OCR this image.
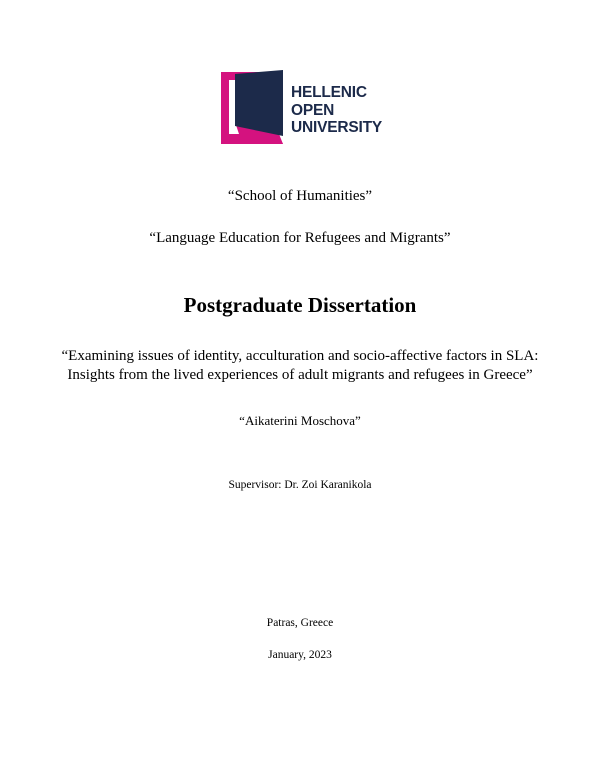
HELLENIC
OPEN
UNIVERSITY
“School of Humanities”
“Language Education for Refugees and Migrants”
Postgraduate Dissertation
“Examining issues of identity, acculturation and socio-affective factors in SLA:
Insights from the lived experiences of adult migrants and refugees in Greece”
“Aikaterini Moschova”
Supervisor: Dr. Zoi Karanikola
Patras, Greece
January, 2023
